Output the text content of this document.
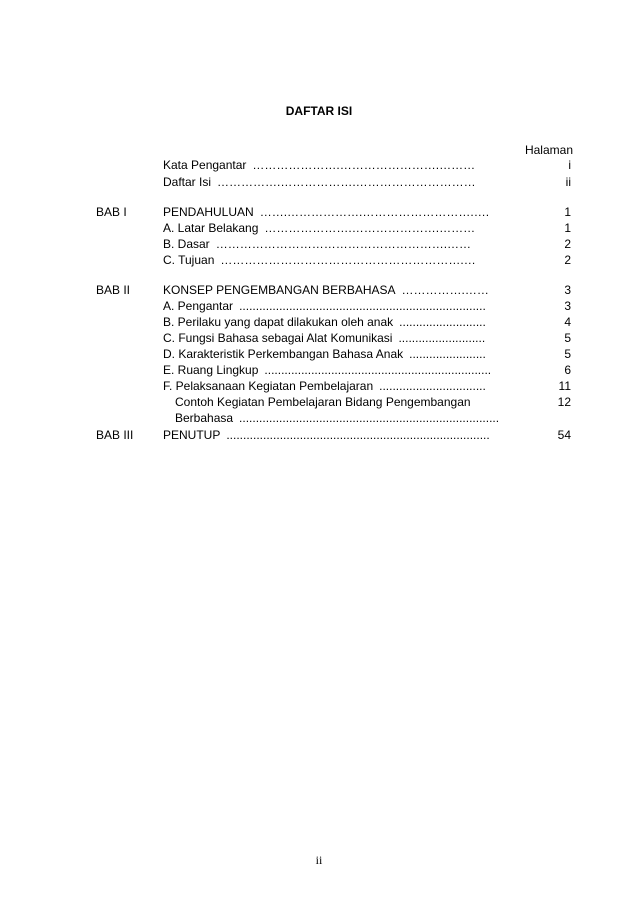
DAFTAR ISI
Halaman
Kata Pengantar ………………….…………………….………	i
Daftar Isi …………….……………….…………………………	ii
BAB I	PENDAHULUAN …….……………….……………………….….	1
A. Latar Belakang ………………….………………….………	1
B. Dasar ………………………………………………….……	2
C. Tujuan …………………………………………………….…	2
BAB II	KONSEP PENGEMBANGAN BERBAHASA …………….……	3
A. Pengantar ..........................................................................	3
B. Perilaku yang dapat dilakukan oleh anak ..........................	4
C. Fungsi Bahasa sebagai Alat Komunikasi ..........................	5
D. Karakteristik Perkembangan Bahasa Anak .......................	5
E. Ruang Lingkup ....................................................................	6
F. Pelaksanaan Kegiatan Pembelajaran ................................	11
Contoh Kegiatan Pembelajaran Bidang Pengembangan	12
Berbahasa ..............................................................................
BAB III PENUTUP ...............................................................................	54
ii
